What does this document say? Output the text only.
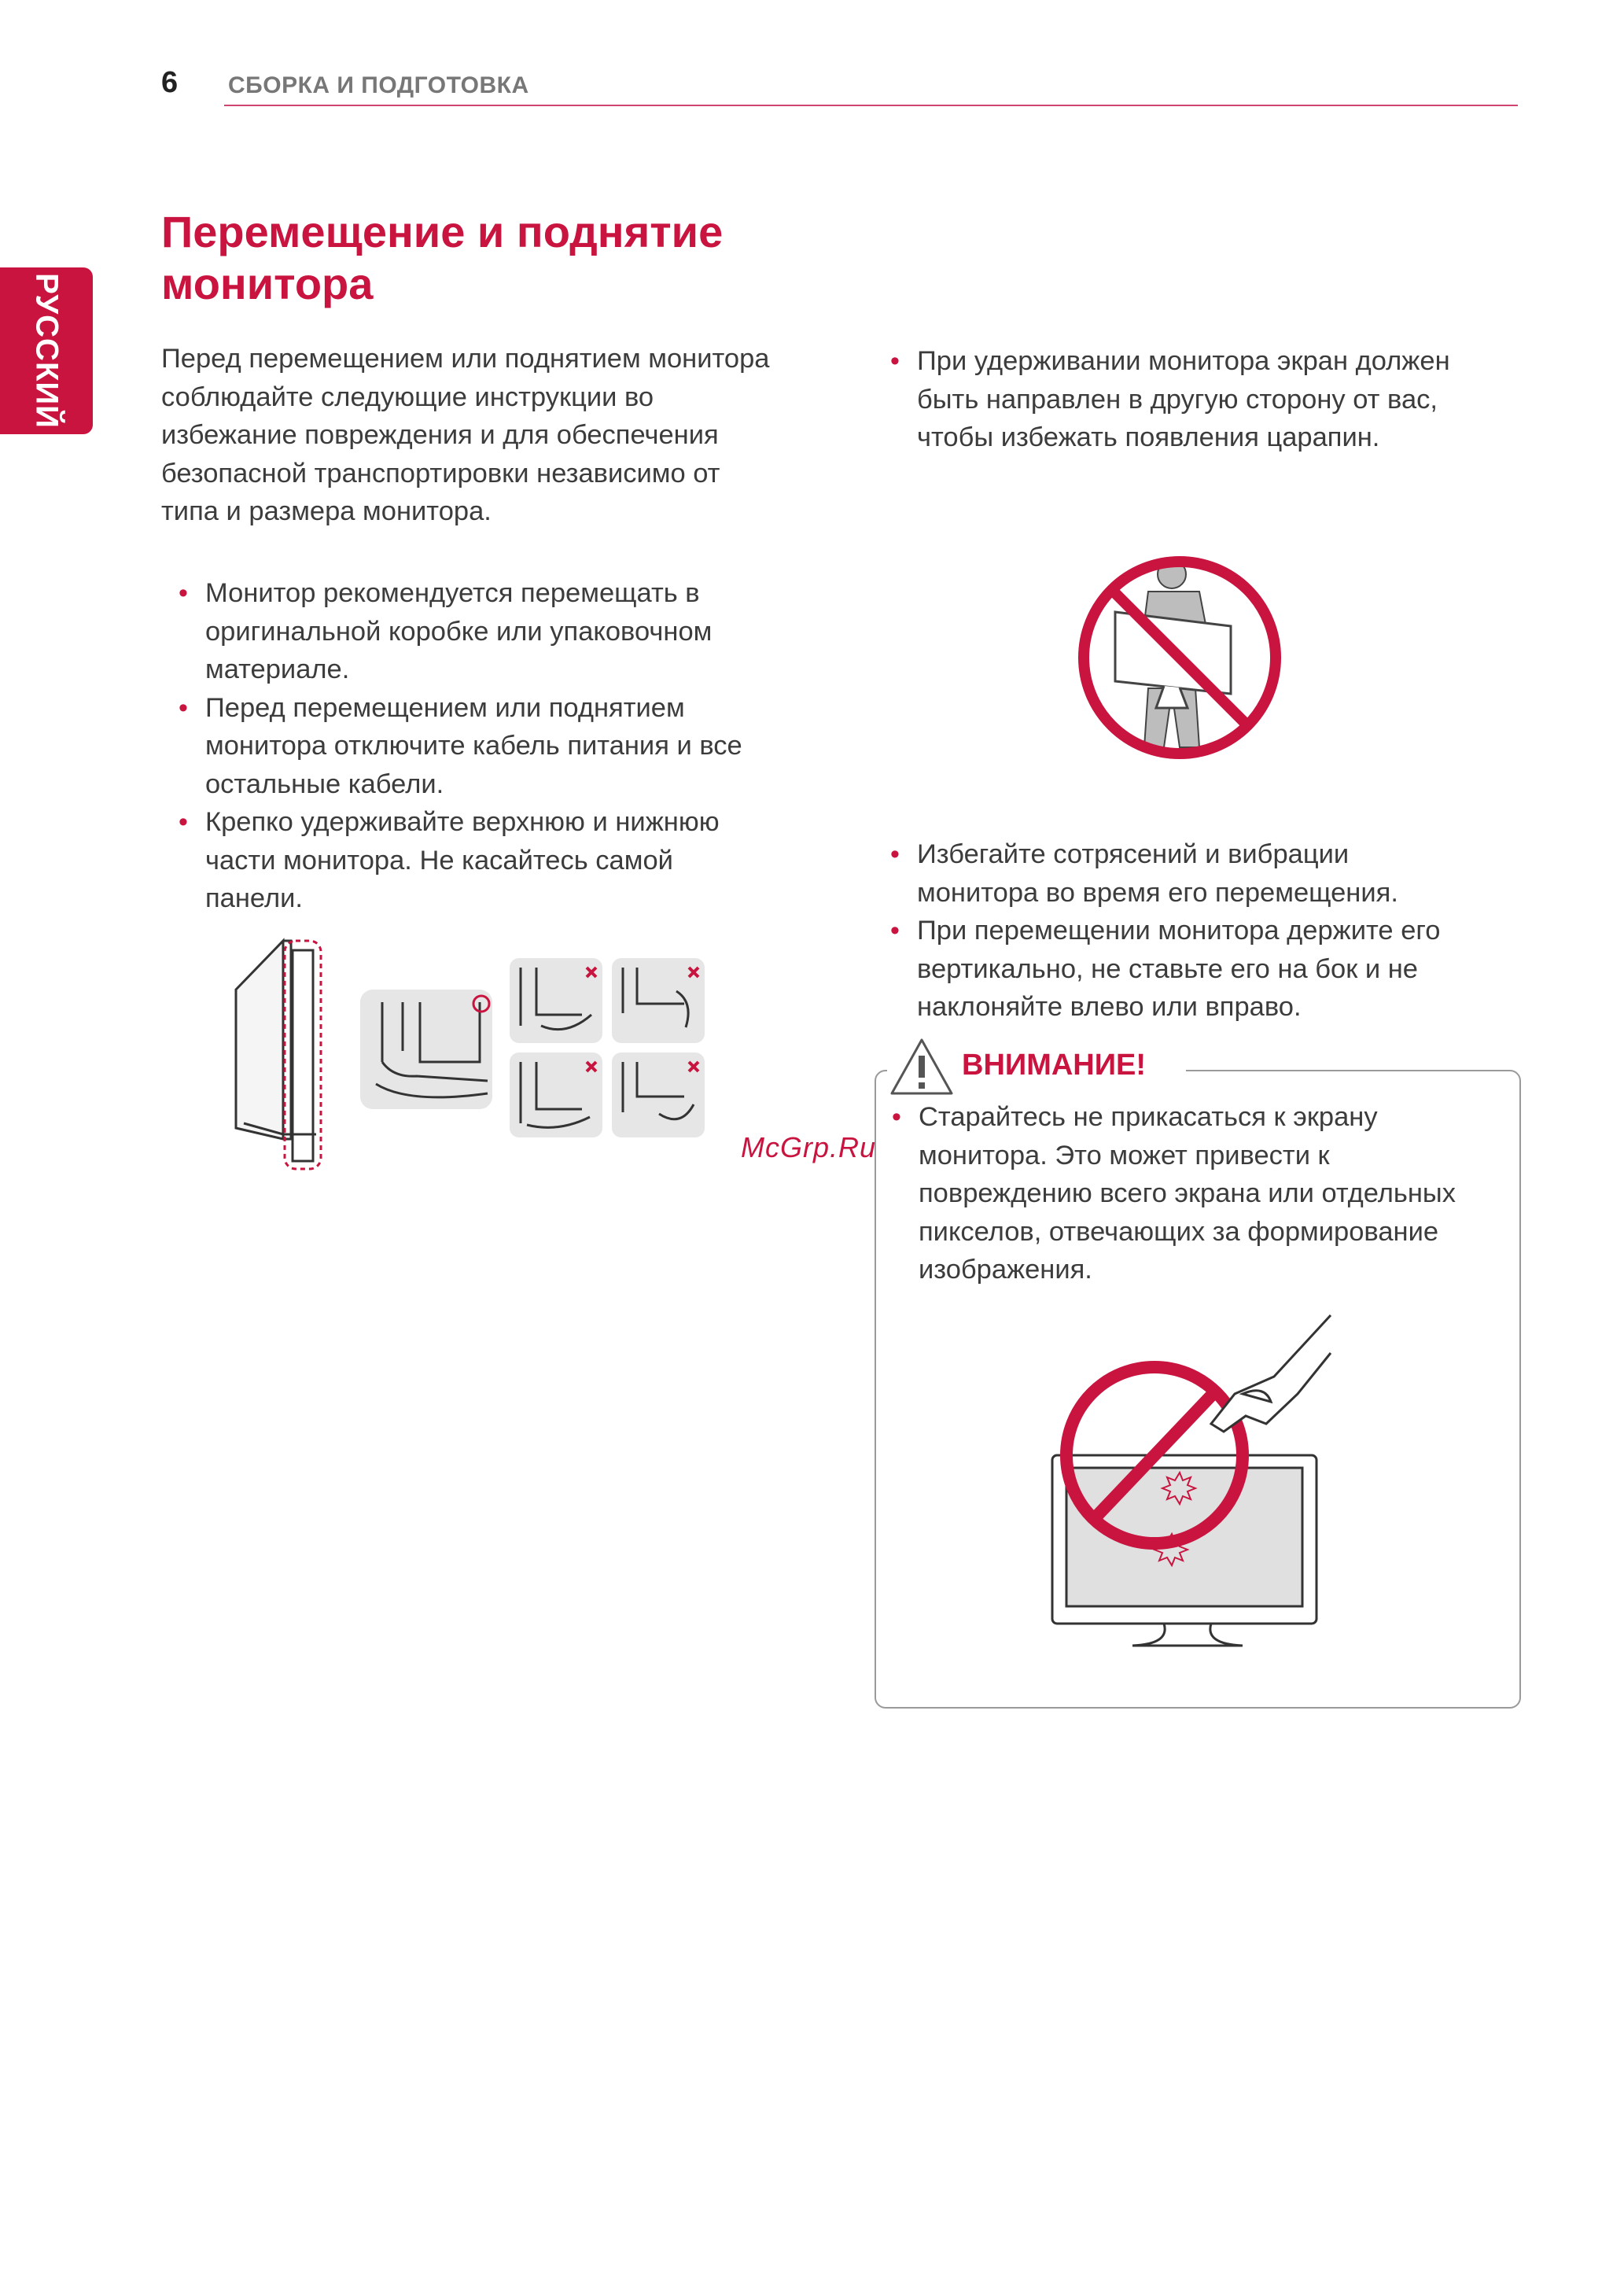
6 СБОРКА И ПОДГОТОВКА
РУССКИЙ
Перемещение и поднятие
монитора
Перед перемещением или поднятием монитора
соблюдайте следующие инструкции во
избежание повреждения и для обеспечения
безопасной транспортировки независимо от
типа и размера монитора.
• Монитор рекомендуется перемещать в
оригинальной коробке или упаковочном
материале.
• Перед перемещением или поднятием
монитора отключите кабель питания и все
остальные кабели.
• Крепко удерживайте верхнюю и нижнюю
части монитора. Не касайтесь самой
панели.
• При удерживании монитора экран должен
быть направлен в другую сторону от вас,
чтобы избежать появления царапин.
• Избегайте сотрясений и вибрации
монитора во время его перемещения.
• При перемещении монитора держите его
вертикально, не ставьте его на бок и не
наклоняйте влево или вправо.
ВНИМАНИЕ!
• Старайтесь не прикасаться к экрану
монитора. Это может привести к
повреждению всего экрана или отдельных
пикселов, отвечающих за формирование
изображения.
McGrp.Ru
